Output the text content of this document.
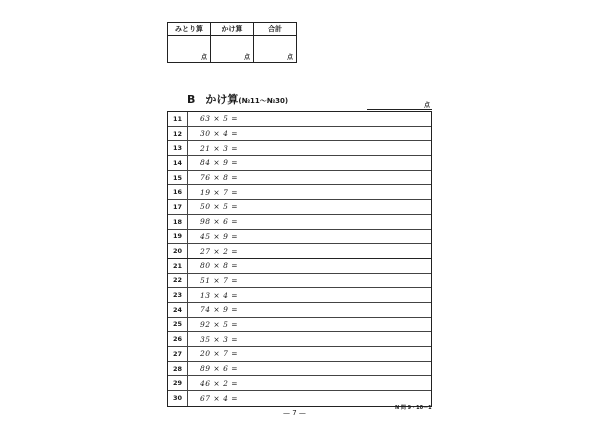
みとり算	かけ算	合計

点	点	点
B かけ算(№11〜№30)
点
11	63 × 5 =
12	30 × 4 =
13	21 × 3 =
14	84 × 9 =
15	76 × 8 =
16	19 × 7 =
17	50 × 5 =
18	98 × 6 =
19	45 × 9 =
20	27 × 2 =
21	80 × 8 =
22	51 × 7 =
23	13 × 4 =
24	74 × 9 =
25	92 × 5 =
26	35 × 3 =
27	20 × 7 =
28	89 × 6 =
29	46 × 2 =
30	67 × 4 =
— 7 —
N 問 9・10－1
